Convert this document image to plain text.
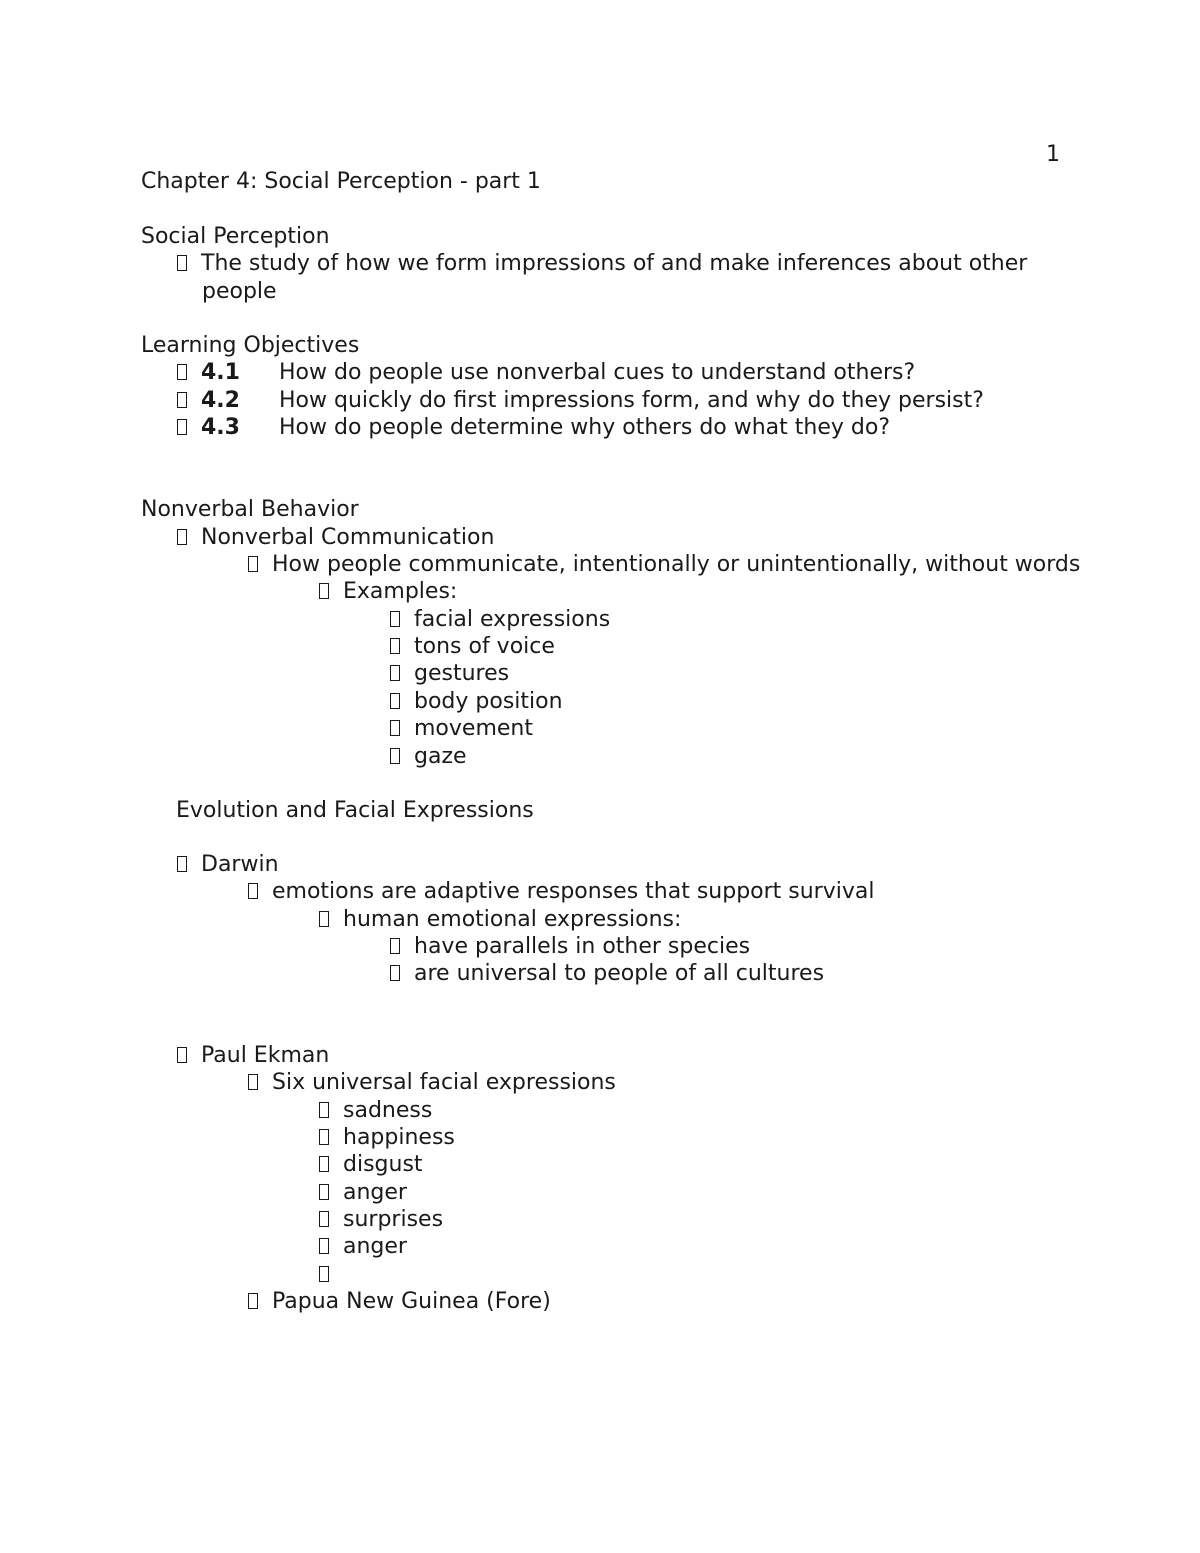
1
Chapter 4: Social Perception - part 1
Social Perception
The study of how we form impressions of and make inferences about other
people
Learning Objectives
4.1 How do people use nonverbal cues to understand others?
4.2 How quickly do first impressions form, and why do they persist?
4.3 How do people determine why others do what they do?
Nonverbal Behavior
Nonverbal Communication
How people communicate, intentionally or unintentionally, without words
Examples:
facial expressions
tons of voice
gestures
body position
movement
gaze
Evolution and Facial Expressions
Darwin
emotions are adaptive responses that support survival
human emotional expressions:
have parallels in other species
are universal to people of all cultures
Paul Ekman
Six universal facial expressions
sadness
happiness
disgust
anger
surprises
anger
Papua New Guinea (Fore)
